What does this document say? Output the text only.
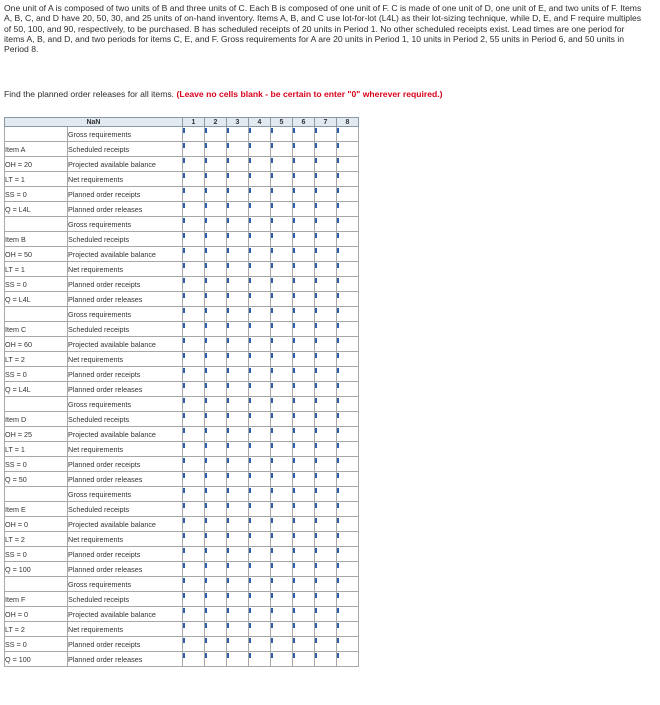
One unit of A is composed of two units of B and three units of C. Each B is composed of one unit of F. C is made of one unit of D, one unit of E, and two units of F. Items A, B, C, and D have 20, 50, 30, and 25 units of on-hand inventory. Items A, B, and C use lot-for-lot (L4L) as their lot-sizing technique, while D, E, and F require multiples of 50, 100, and 90, respectively, to be purchased. B has scheduled receipts of 20 units in Period 1. No other scheduled receipts exist. Lead times are one period for items A, B, and D, and two periods for items C, E, and F. Gross requirements for A are 20 units in Period 1, 10 units in Period 2, 55 units in Period 6, and 50 units in Period 8.
Find the planned order releases for all items. (Leave no cells blank - be certain to enter "0" wherever required.)
NaN		1	2	3	4	5	6	7	8
	Gross requirements	

Item A	Scheduled receipts	

OH = 20	Projected available balance	

LT = 1	Net requirements	

SS = 0	Planned order receipts	

Q = L4L	Planned order releases	

	Gross requirements	

Item B	Scheduled receipts	

OH = 50	Projected available balance	

LT = 1	Net requirements	

SS = 0	Planned order receipts	

Q = L4L	Planned order releases	

	Gross requirements	

Item C	Scheduled receipts	

OH = 60	Projected available balance	

LT = 2	Net requirements	

SS = 0	Planned order receipts	

Q = L4L	Planned order releases	

	Gross requirements	

Item D	Scheduled receipts	

OH = 25	Projected available balance	

LT = 1	Net requirements	

SS = 0	Planned order receipts	

Q = 50	Planned order releases	

	Gross requirements	

Item E	Scheduled receipts	

OH = 0	Projected available balance	

LT = 2	Net requirements	

SS = 0	Planned order receipts	

Q = 100	Planned order releases	

	Gross requirements	

Item F	Scheduled receipts	

OH = 0	Projected available balance	

LT = 2	Net requirements	

SS = 0	Planned order receipts	

Q = 100	Planned order releases	
